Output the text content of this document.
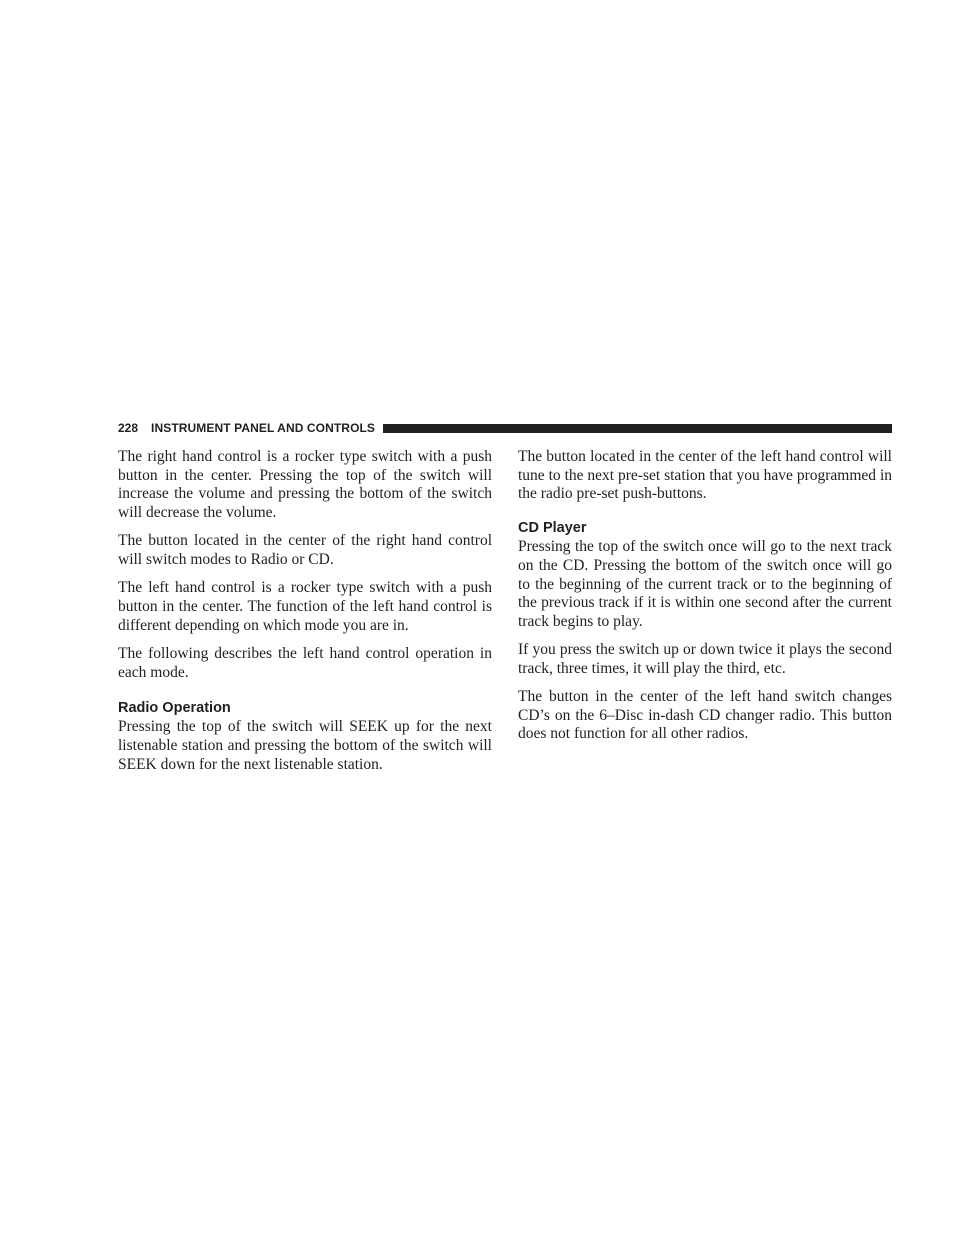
228 INSTRUMENT PANEL AND CONTROLS

The right hand control is a rocker type switch with a push button in the center. Pressing the top of the switch will increase the volume and pressing the bottom of the switch will decrease the volume.

The button located in the center of the right hand control will switch modes to Radio or CD.

The left hand control is a rocker type switch with a push button in the center. The function of the left hand control is different depending on which mode you are in.

The following describes the left hand control operation in each mode.

Radio Operation

Pressing the top of the switch will SEEK up for the next listenable station and pressing the bottom of the switch will SEEK down for the next listenable station.

The button located in the center of the left hand control will tune to the next pre-set station that you have programmed in the radio pre-set push-buttons.

CD Player

Pressing the top of the switch once will go to the next track on the CD. Pressing the bottom of the switch once will go to the beginning of the current track or to the beginning of the previous track if it is within one second after the current track begins to play.

If you press the switch up or down twice it plays the second track, three times, it will play the third, etc.

The button in the center of the left hand switch changes CD’s on the 6–Disc in-dash CD changer radio. This button does not function for all other radios.
